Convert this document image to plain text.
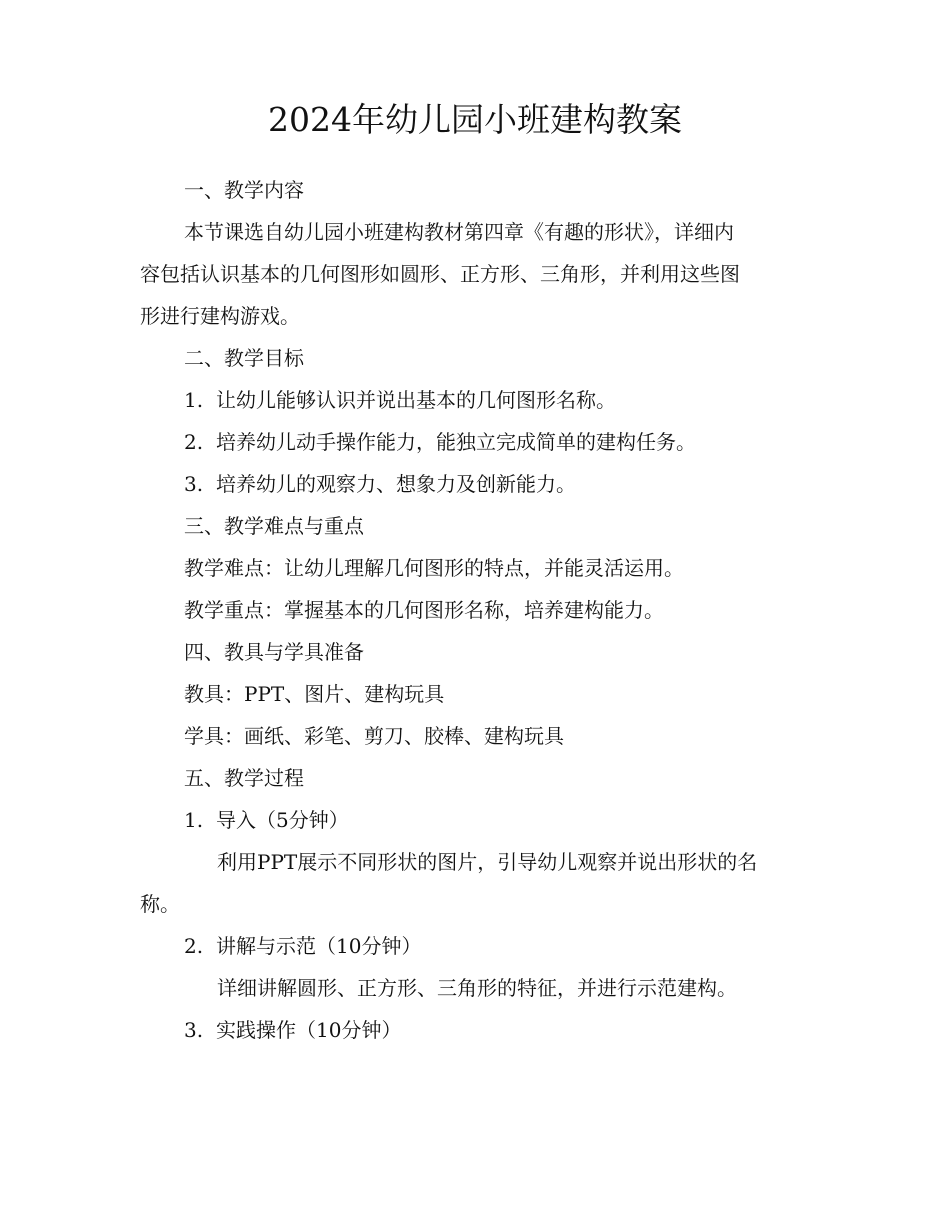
2024年幼儿园小班建构教案
一、教学内容
本节课选自幼儿园小班建构教材第四章《有趣的形状》，详细内
容包括认识基本的几何图形如圆形、正方形、三角形，并利用这些图
形进行建构游戏。
二、教学目标
1. 让幼儿能够认识并说出基本的几何图形名称。
2. 培养幼儿动手操作能力，能独立完成简单的建构任务。
3. 培养幼儿的观察力、想象力及创新能力。
三、教学难点与重点
教学难点：让幼儿理解几何图形的特点，并能灵活运用。
教学重点：掌握基本的几何图形名称，培养建构能力。
四、教具与学具准备
教具：PPT、图片、建构玩具
学具：画纸、彩笔、剪刀、胶棒、建构玩具
五、教学过程
1. 导入（5分钟）
利用PPT展示不同形状的图片，引导幼儿观察并说出形状的名
称。
2. 讲解与示范（10分钟）
详细讲解圆形、正方形、三角形的特征，并进行示范建构。
3. 实践操作（10分钟）
